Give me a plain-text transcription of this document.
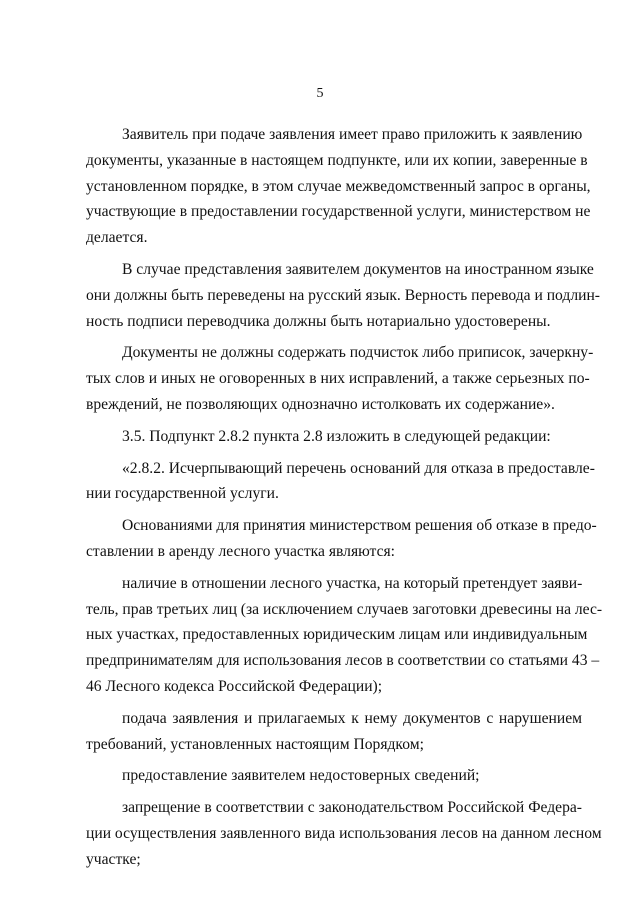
5
Заявитель при подаче заявления имеет право приложить к заявлению
документы, указанные в настоящем подпункте, или их копии, заверенные в
установленном порядке, в этом случае межведомственный запрос в органы,
участвующие в предоставлении государственной услуги, министерством не
делается.
В случае представления заявителем документов на иностранном языке
они должны быть переведены на русский язык. Верность перевода и подлин-
ность подписи переводчика должны быть нотариально удостоверены.
Документы не должны содержать подчисток либо приписок, зачеркну-
тых слов и иных не оговоренных в них исправлений, а также серьезных по-
вреждений, не позволяющих однозначно истолковать их содержание».
3.5. Подпункт 2.8.2 пункта 2.8 изложить в следующей редакции:
«2.8.2. Исчерпывающий перечень оснований для отказа в предоставле-
нии государственной услуги.
Основаниями для принятия министерством решения об отказе в предо-
ставлении в аренду лесного участка являются:
наличие в отношении лесного участка, на который претендует заяви-
тель, прав третьих лиц (за исключением случаев заготовки древесины на лес-
ных участках, предоставленных юридическим лицам или индивидуальным
предпринимателям для использования лесов в соответствии со статьями 43 –
46 Лесного кодекса Российской Федерации);
подача заявления и прилагаемых к нему документов с нарушением
требований, установленных настоящим Порядком;
предоставление заявителем недостоверных сведений;
запрещение в соответствии с законодательством Российской Федера-
ции осуществления заявленного вида использования лесов на данном лесном
участке;
